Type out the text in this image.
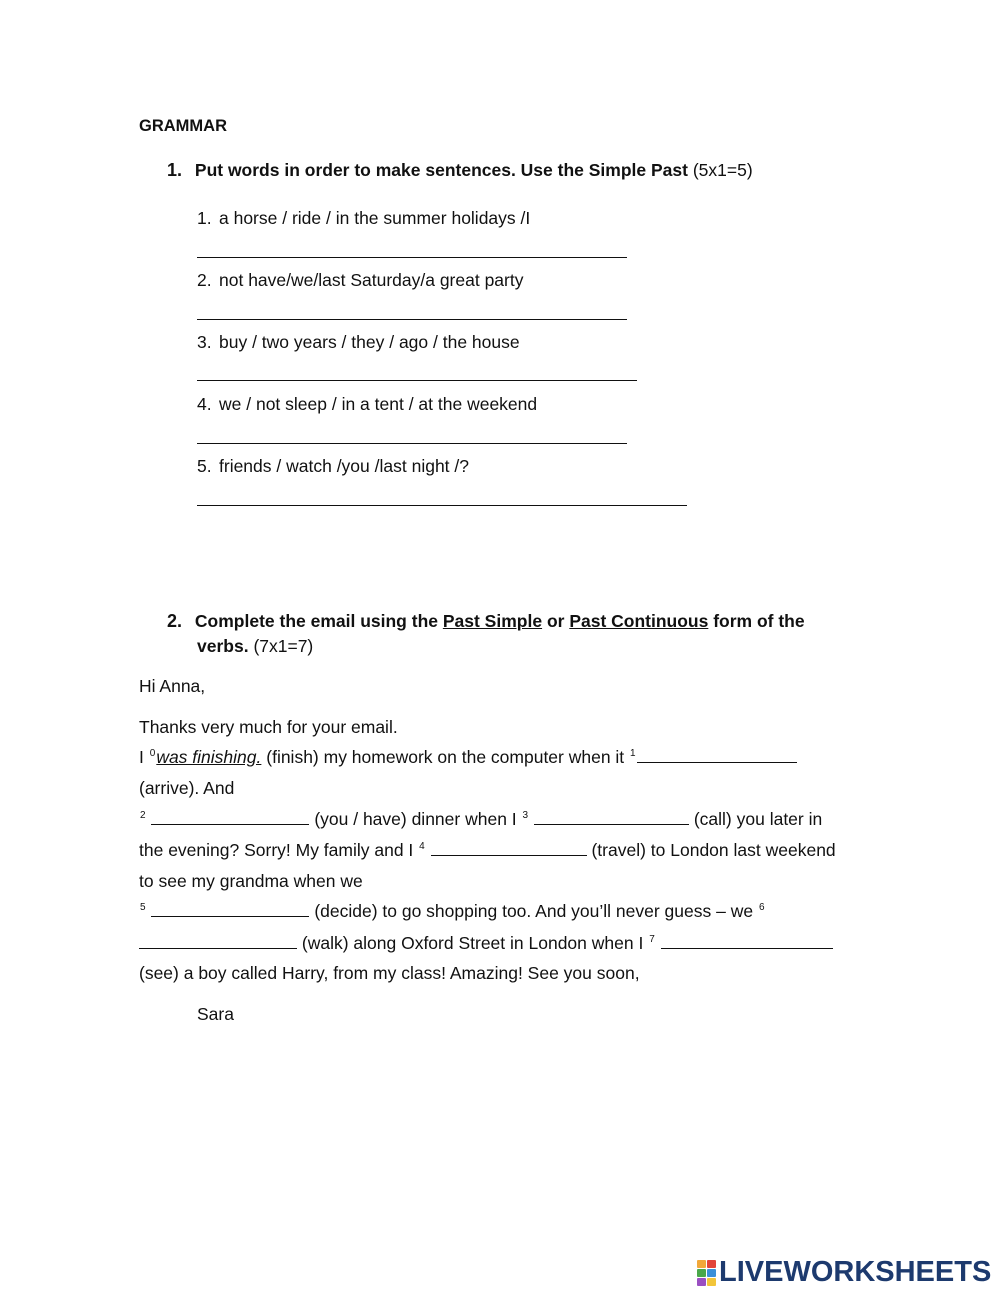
GRAMMAR
1. Put words in order to make sentences. Use the Simple Past (5x1=5)
1. a horse / ride / in the summer holidays /I
2. not have/we/last Saturday/a great party
3. buy / two years / they / ago / the house
4. we / not sleep / in a tent / at the weekend
5. friends / watch /you /last night /?
2. Complete the email using the Past Simple or Past Continuous form of the
verbs. (7x1=7)
Hi Anna,
Thanks very much for your email.
I $^0$was finishing. (finish) my homework on the computer when it $^1$
(arrive). And
$^2$	(you / have) dinner when I $^3$	(call) you later in
the evening? Sorry! My family and I $^4$	(travel) to London last weekend
to see my grandma when we
$^5$	(decide) to go shopping too. And you’ll never guess – we $^6$
(walk) along Oxford Street in London when I $^7$
(see) a boy called Harry, from my class! Amazing! See you soon,
Sara
LIVEWORKSHEETS
